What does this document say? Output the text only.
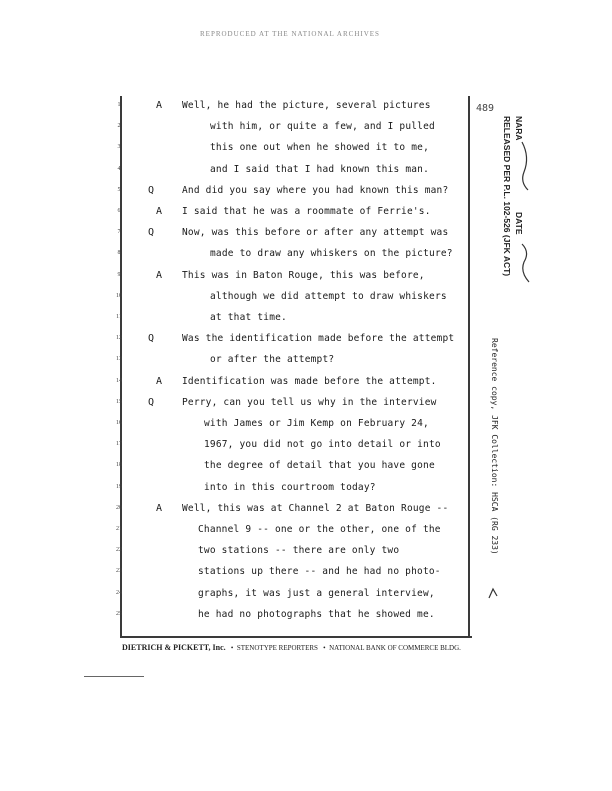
REPRODUCED AT THE NATIONAL ARCHIVES
489
1	A Well, he had the picture, several pictures
2	with him, or quite a few, and I pulled
3	this one out when he showed it to me,
4	and I said that I had known this man.
5	Q	And did you say where you had known this man?
6	A I said that he was a roommate of Ferrie's.
7	Q	Now, was this before or after any attempt was
8	made to draw any whiskers on the picture?
9	A This was in Baton Rouge, this was before,
10	although we did attempt to draw whiskers
11	at that time.
12	Q	Was the identification made before the attempt
13	or after the attempt?
14	A Identification was made before the attempt.
15	Q	Perry, can you tell us why in the interview
16	with James or Jim Kemp on February 24,
17	1967, you did not go into detail or into
18	the degree of detail that you have gone
19	into in this courtroom today?
20	A Well, this was at Channel 2 at Baton Rouge --
21	Channel 9 -- one or the other, one of the
22	two stations -- there are only two
23	stations up there -- and he had no photo-
24	graphs, it was just a general interview,
25	he had no photographs that he showed me.
RELEASED PER P.L. 102-526 (JFK ACT) NARA
DATE
Reference copy, JFK Collection: HSCA (RG 233)
DIETRICH & PICKETT, Inc. • STENOTYPE REPORTERS • NATIONAL BANK OF COMMERCE BLDG.
